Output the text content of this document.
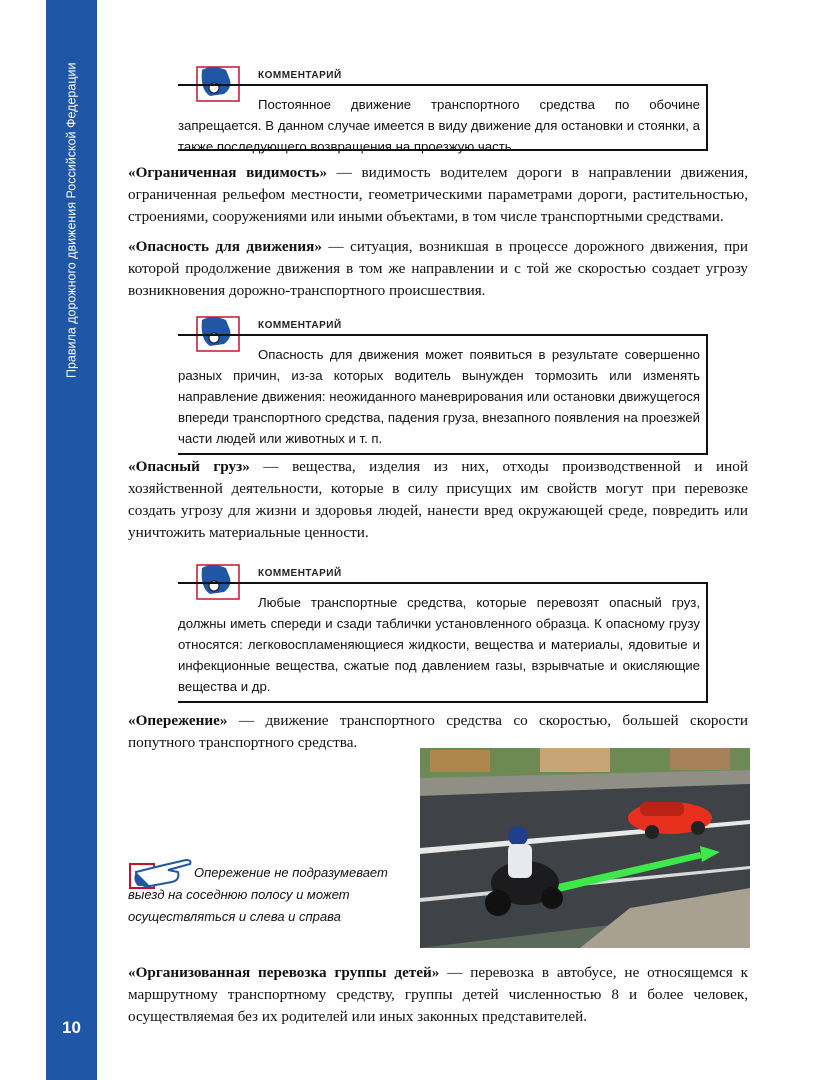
Правила дорожного движения Российской Федерации
10
КОММЕНТАРИЙ
Постоянное движение транспортного средства по обочине запрещается. В данном случае имеется в виду движение для остановки и стоянки, а также последующего возвращения на проезжую часть.
«Ограниченная видимость» — видимость водителем дороги в направлении движения, ограниченная рельефом местности, геометрическими параметрами дороги, растительностью, строениями, сооружениями или иными объектами, в том числе транспортными средствами.
«Опасность для движения» — ситуация, возникшая в процессе дорожного движения, при которой продолжение движения в том же направлении и с той же скоростью создает угрозу возникновения дорожно-транспортного происшествия.
КОММЕНТАРИЙ
Опасность для движения может появиться в результате совершенно разных причин, из-за которых водитель вынужден тормозить или изменять направление движения: неожиданного маневрирования или остановки движущегося впереди транспортного средства, падения груза, внезапного появления на проезжей части людей или животных и т. п.
«Опасный груз» — вещества, изделия из них, отходы производственной и иной хозяйственной деятельности, которые в силу присущих им свойств могут при перевозке создать угрозу для жизни и здоровья людей, нанести вред окружающей среде, повредить или уничтожить материальные ценности.
КОММЕНТАРИЙ
Любые транспортные средства, которые перевозят опасный груз, должны иметь спереди и сзади таблички установленного образца. К опасному грузу относятся: легковоспламеняющиеся жидкости, вещества и материалы, ядовитые и инфекционные вещества, сжатые под давлением газы, взрывчатые и окисляющие вещества и др.
«Опережение» — движение транспортного средства со скоростью, большей скорости попутного транспортного средства.
Опережение не подразумевает выезд на соседнюю полосу и может осуществляться и слева и справа
«Организованная перевозка группы детей» — перевозка в автобусе, не относящемся к маршрутному транспортному средству, группы детей численностью 8 и более человек, осуществляемая без их родителей или иных законных представителей.
